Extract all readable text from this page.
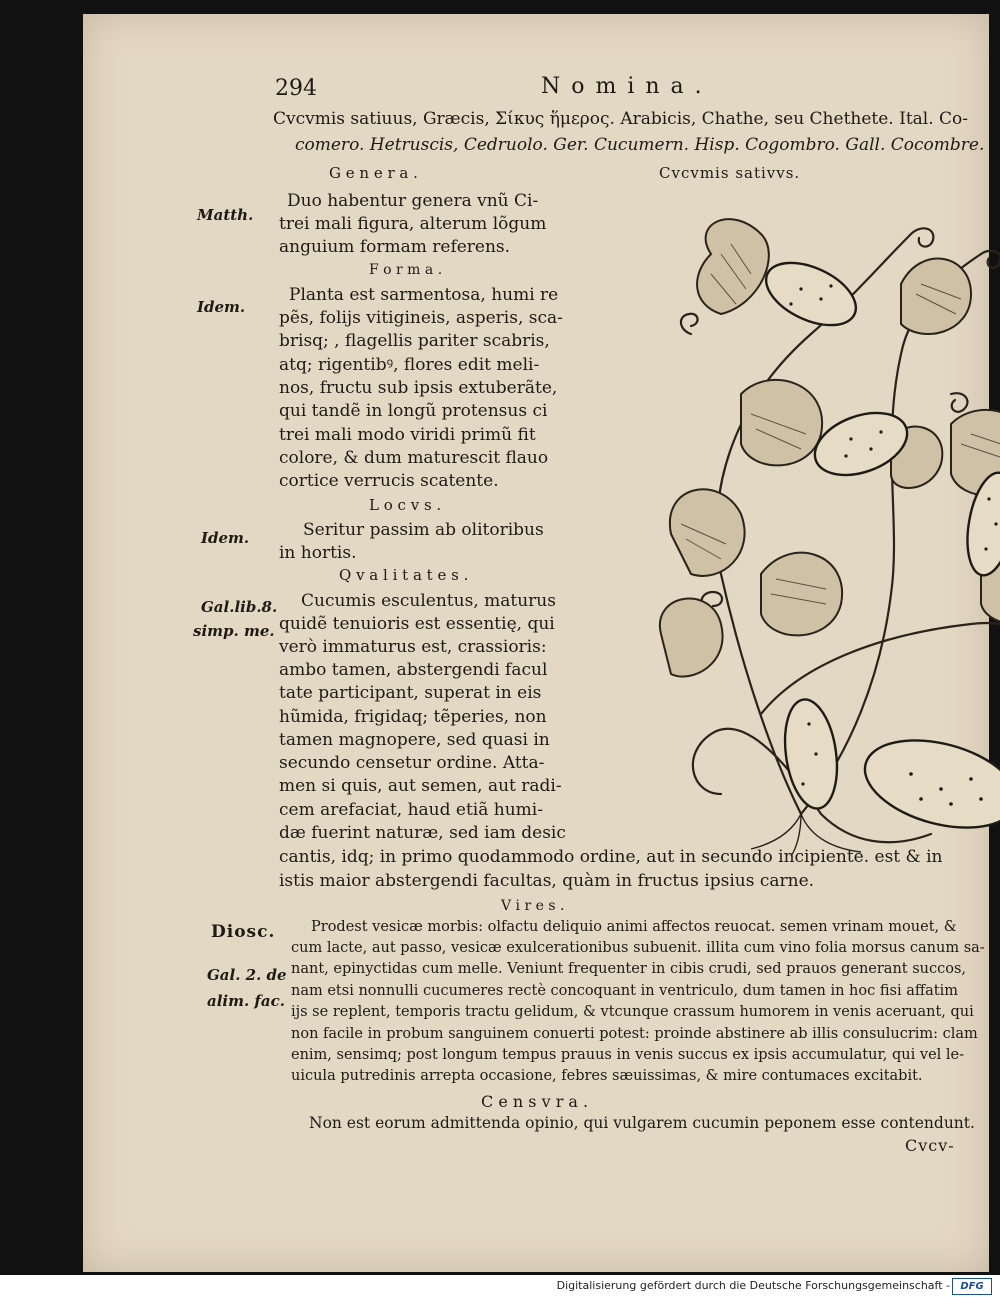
294	N o m i n a .
Cvcvmis satiuus, Græcis, Σίκυς ἥμερος. Arabicis, Chathe, seu Chethete. Ital. Co-
comero. Hetruscis, Cedruolo. Ger. Cucumern. Hisp. Cogombro. Gall. Cocombre.
G e n e r a .	Cvcvmis sativvs.
Matth.
Duo habentur genera vnũ Ci-
trei mali figura, alterum lõgum
anguium formam referens.
F o r m a .
Idem.
Planta est sarmentosa, humi re
pẽs, folijs vitigineis, asperis, sca-
brisq; , flagellis pariter scabris,
atq; rigentibꝰ, flores edit meli-
nos, fructu sub ipsis extuberãte,
qui tandẽ in longũ protensus ci
trei mali modo viridi primũ fit
colore, & dum maturescit flauo
cortice verrucis scatente.
L o c v s .
Idem.	Seritur passim ab olitoribus
in hortis.
Q v a l i t a t e s .
Gal.lib.8.
simp. me.
Cucumis esculentus, maturus
quidẽ tenuioris est essentię, qui
verò immaturus est, crassioris:
ambo tamen, abstergendi facul
tate participant, superat in eis
hũmida, frigidaq; tẽperies, non
tamen magnopere, sed quasi in
secundo censetur ordine. Atta-
men si quis, aut semen, aut radi-
cem arefaciat, haud etiã humi-
dæ fuerint naturæ, sed iam desic
cantis, idq; in primo quodammodo ordine, aut in secundo incipiente. est & in
istis maior abstergendi facultas, quàm in fructus ipsius carne.
V i r e s .
Diosc.
Gal. 2. de
alim. fac.
Prodest vesicæ morbis: olfactu deliquio animi affectos reuocat. semen vrinam mouet, &
cum lacte, aut passo, vesicæ exulcerationibus subuenit. illita cum vino folia morsus canum sa-
nant, epinyctidas cum melle. Veniunt frequenter in cibis crudi, sed prauos generant succos,
nam etsi nonnulli cucumeres rectè concoquant in ventriculo, dum tamen in hoc fisi affatim
ijs se replent, temporis tractu gelidum, & vtcunque crassum humorem in venis aceruant, qui
non facile in probum sanguinem conuerti potest: proinde abstinere ab illis consulucrim: clam
enim, sensimq; post longum tempus prauus in venis succus ex ipsis accumulatur, qui vel le-
uicula putredinis arrepta occasione, febres sæuissimas, & mire contumaces excitabit.
C e n s v r a .
Non est eorum admittenda opinio, qui vulgarem cucumin peponem esse contendunt.
Cvcv-
Digitalisierung gefördert durch die Deutsche Forschungsgemeinschaft -	DFG
